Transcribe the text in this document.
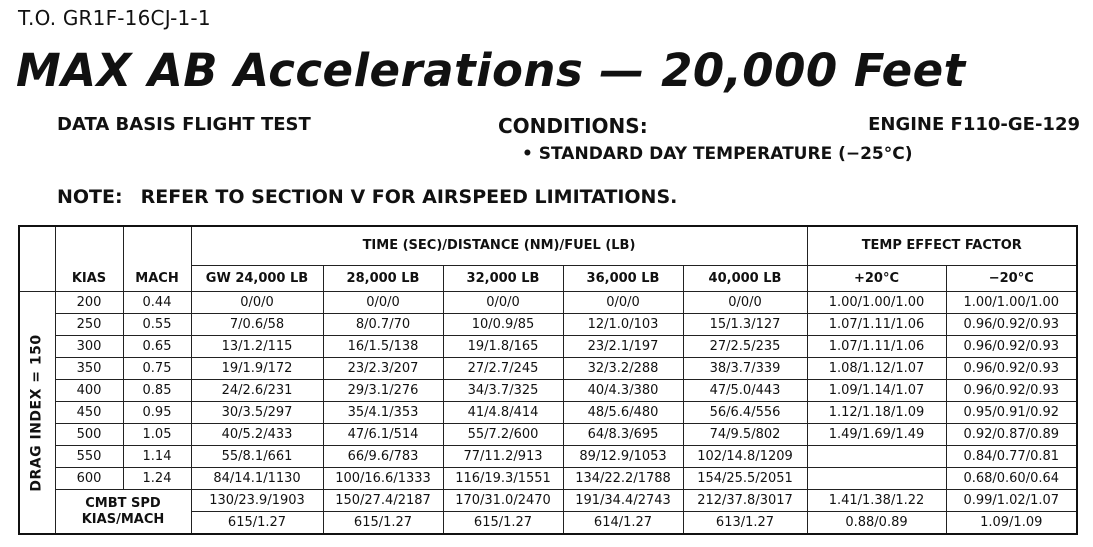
T.O. GR1F-16CJ-1-1
MAX AB Accelerations — 20,000 Feet
DATA BASIS FLIGHT TEST	CONDITIONS:	ENGINE F110-GE-129
• STANDARD DAY TEMPERATURE (−25°C)
NOTE: REFER TO SECTION V FOR AIRSPEED LIMITATIONS.

	KIAS	MACH	TIME (SEC)/DISTANCE (NM)/FUEL (LB)					TEMP EFFECT FACTOR	
			GW 24,000 LB	28,000 LB	32,000 LB	36,000 LB	40,000 LB	+20°C	−20°C

DRAG INDEX = 150	200	0.44	0/0/0	0/0/0	0/0/0	0/0/0	0/0/0	1.00/1.00/1.00	1.00/1.00/1.00
	250	0.55	7/0.6/58	8/0.7/70	10/0.9/85	12/1.0/103	15/1.3/127	1.07/1.11/1.06	0.96/0.92/0.93
	300	0.65	13/1.2/115	16/1.5/138	19/1.8/165	23/2.1/197	27/2.5/235	1.07/1.11/1.06	0.96/0.92/0.93
	350	0.75	19/1.9/172	23/2.3/207	27/2.7/245	32/3.2/288	38/3.7/339	1.08/1.12/1.07	0.96/0.92/0.93
	400	0.85	24/2.6/231	29/3.1/276	34/3.7/325	40/4.3/380	47/5.0/443	1.09/1.14/1.07	0.96/0.92/0.93
	450	0.95	30/3.5/297	35/4.1/353	41/4.8/414	48/5.6/480	56/6.4/556	1.12/1.18/1.09	0.95/0.91/0.92
	500	1.05	40/5.2/433	47/6.1/514	55/7.2/600	64/8.3/695	74/9.5/802	1.49/1.69/1.49	0.92/0.87/0.89
	550	1.14	55/8.1/661	66/9.6/783	77/11.2/913	89/12.9/1053	102/14.8/1209		0.84/0.77/0.81
	600	1.24	84/14.1/1130	100/16.6/1333	116/19.3/1551	134/22.2/1788	154/25.5/2051		0.68/0.60/0.64
	CMBT SPD KIAS/MACH		130/23.9/1903	150/27.4/2187	170/31.0/2470	191/34.4/2743	212/37.8/3017	1.41/1.38/1.22	0.99/1.02/1.07
			615/1.27	615/1.27	615/1.27	614/1.27	613/1.27	0.88/0.89	1.09/1.09
